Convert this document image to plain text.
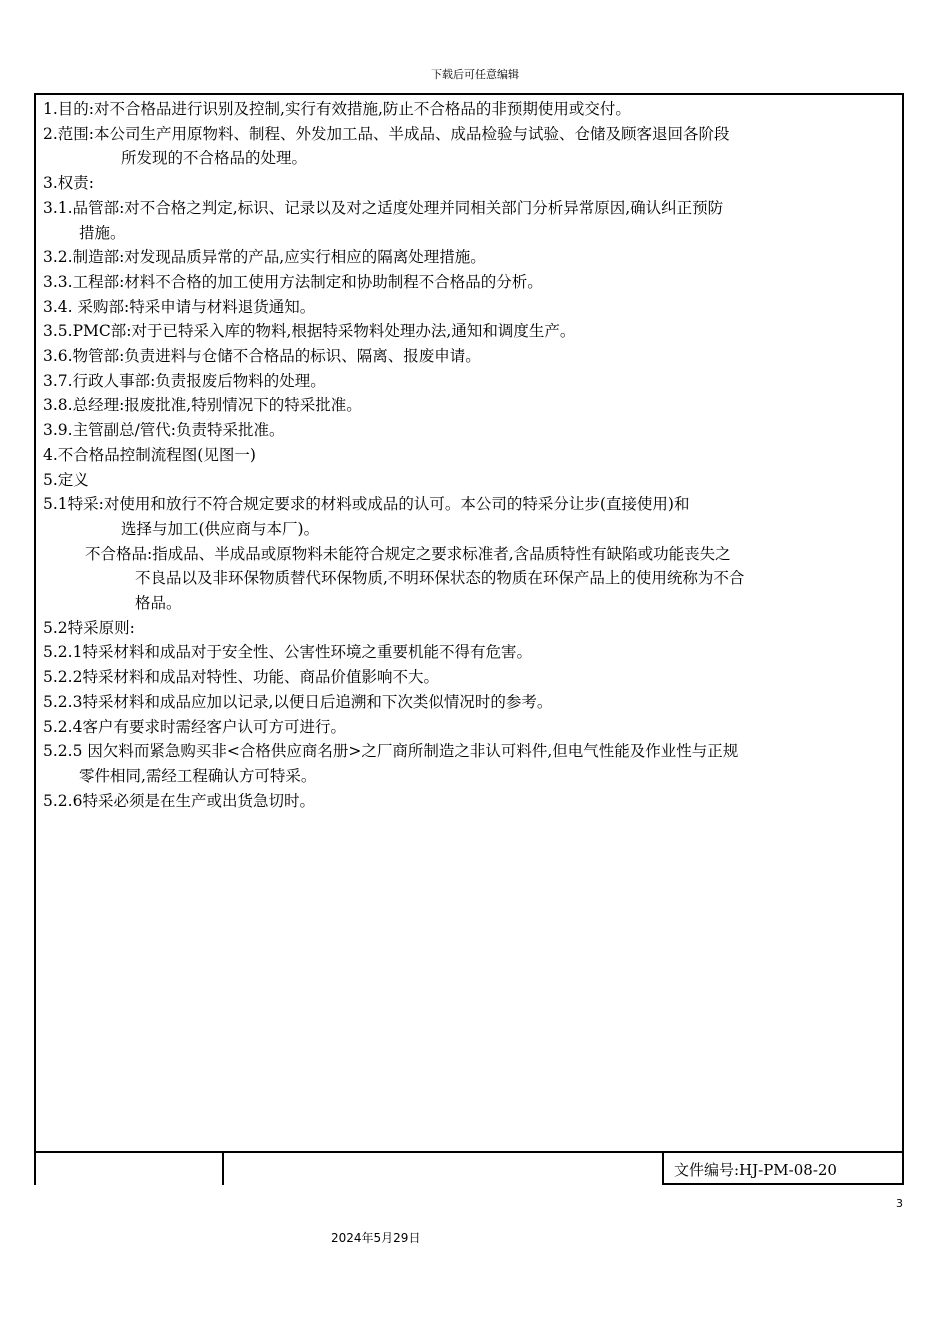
下载后可任意编辑
1.目的:对不合格品进行识别及控制,实行有效措施,防止不合格品的非预期使用或交付。
2.范围:本公司生产用原物料、制程、外发加工品、半成品、成品检验与试验、仓储及顾客退回各阶段
所发现的不合格品的处理。
3.权责:
3.1.品管部:对不合格之判定,标识、记录以及对之适度处理并同相关部门分析异常原因,确认纠正预防
措施。
3.2.制造部:对发现品质异常的产品,应实行相应的隔离处理措施。
3.3.工程部:材料不合格的加工使用方法制定和协助制程不合格品的分析。
3.4. 采购部:特采申请与材料退货通知。
3.5.PMC部:对于已特采入库的物料,根据特采物料处理办法,通知和调度生产。
3.6.物管部:负责进料与仓储不合格品的标识、隔离、报废申请。
3.7.行政人事部:负责报废后物料的处理。
3.8.总经理:报废批准,特别情况下的特采批准。
3.9.主管副总/管代:负责特采批准。
4.不合格品控制流程图(见图一)
5.定义
5.1特采:对使用和放行不符合规定要求的材料或成品的认可。本公司的特采分让步(直接使用)和
选择与加工(供应商与本厂)。
不合格品:指成品、半成品或原物料未能符合规定之要求标准者,含品质特性有缺陷或功能丧失之
不良品以及非环保物质替代环保物质,不明环保状态的物质在环保产品上的使用统称为不合
格品。
5.2特采原则:
5.2.1特采材料和成品对于安全性、公害性环境之重要机能不得有危害。
5.2.2特采材料和成品对特性、功能、商品价值影响不大。
5.2.3特采材料和成品应加以记录,以便日后追溯和下次类似情况时的参考。
5.2.4客户有要求时需经客户认可方可进行。
5.2.5 因欠料而紧急购买非<合格供应商名册>之厂商所制造之非认可料件,但电气性能及作业性与正规
零件相同,需经工程确认方可特采。
5.2.6特采必须是在生产或出货急切时。
文件编号:HJ-PM-08-20
3
2024年5月29日
